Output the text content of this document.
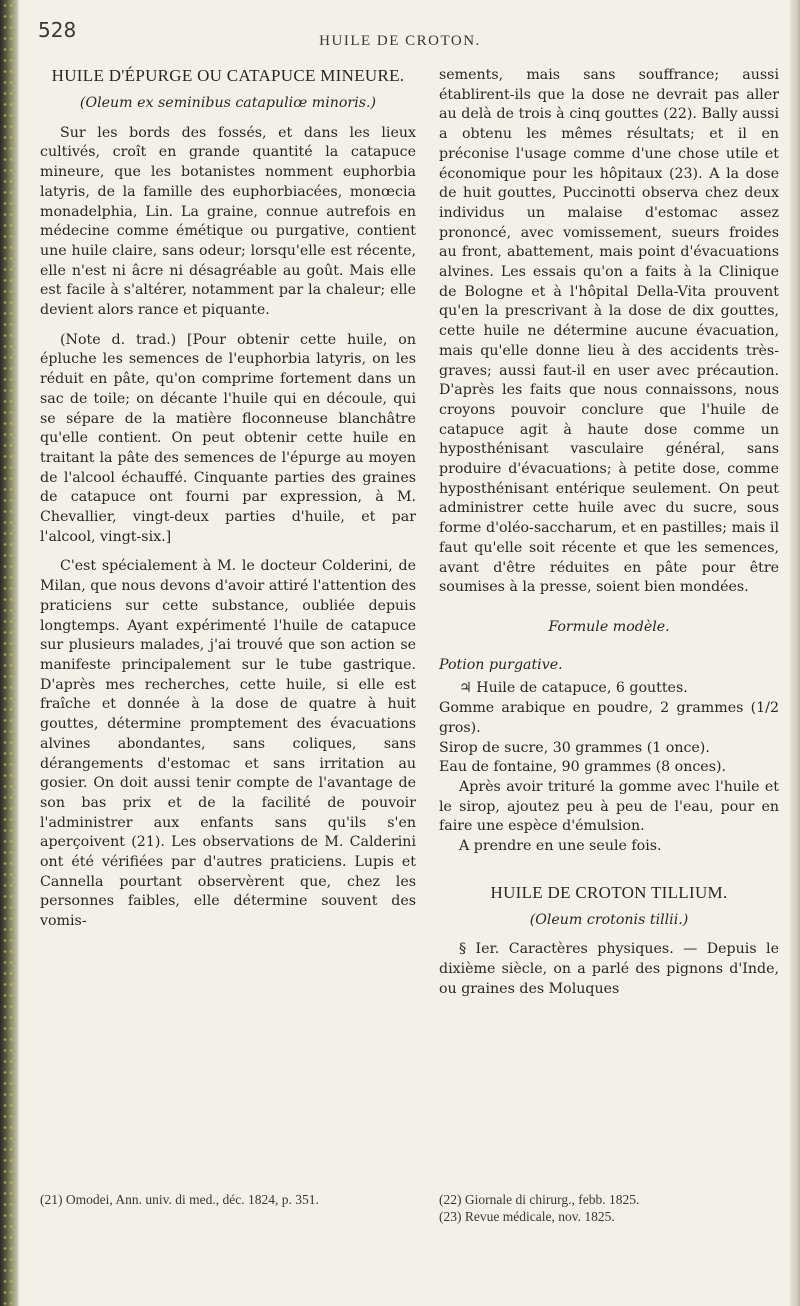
528	HUILE DE CROTON.
HUILE D'ÉPURGE OU CATAPUCE MINEURE.

(Oleum ex seminibus catapuliœ minoris.)

Sur les bords des fossés, et dans les lieux cultivés, croît en grande quantité la catapuce mineure, que les botanistes nomment euphorbia latyris, de la famille des euphorbiacées, monœcia monadelphia, Lin. La graine, connue autrefois en médecine comme émétique ou purgative, contient une huile claire, sans odeur; lorsqu'elle est récente, elle n'est ni âcre ni désagréable au goût. Mais elle est facile à s'altérer, notamment par la chaleur; elle devient alors rance et piquante.

(Note d. trad.) [Pour obtenir cette huile, on épluche les semences de l'euphorbia latyris, on les réduit en pâte, qu'on comprime fortement dans un sac de toile; on décante l'huile qui en découle, qui se sépare de la matière floconneuse blanchâtre qu'elle contient. On peut obtenir cette huile en traitant la pâte des semences de l'épurge au moyen de l'alcool échauffé. Cinquante parties des graines de catapuce ont fourni par expression, à M. Chevallier, vingt-deux parties d'huile, et par l'alcool, vingt-six.]

C'est spécialement à M. le docteur Colderini, de Milan, que nous devons d'avoir attiré l'attention des praticiens sur cette substance, oubliée depuis longtemps. Ayant expérimenté l'huile de catapuce sur plusieurs malades, j'ai trouvé que son action se manifeste principalement sur le tube gastrique. D'après mes recherches, cette huile, si elle est fraîche et donnée à la dose de quatre à huit gouttes, détermine promptement des évacuations alvines abondantes, sans coliques, sans dérangements d'estomac et sans irritation au gosier. On doit aussi tenir compte de l'avantage de son bas prix et de la facilité de pouvoir l'administrer aux enfants sans qu'ils s'en aperçoivent (21). Les observations de M. Calderini ont été vérifiées par d'autres praticiens. Lupis et Cannella pourtant observèrent que, chez les personnes faibles, elle détermine souvent des vomis-

sements, mais sans souffrance; aussi établirent-ils que la dose ne devrait pas aller au delà de trois à cinq gouttes (22). Bally aussi a obtenu les mêmes résultats; et il en préconise l'usage comme d'une chose utile et économique pour les hôpitaux (23). A la dose de huit gouttes, Puccinotti observa chez deux individus un malaise d'estomac assez prononcé, avec vomissement, sueurs froides au front, abattement, mais point d'évacuations alvines. Les essais qu'on a faits à la Clinique de Bologne et à l'hôpital Della-Vita prouvent qu'en la prescrivant à la dose de dix gouttes, cette huile ne détermine aucune évacuation, mais qu'elle donne lieu à des accidents très-graves; aussi faut-il en user avec précaution. D'après les faits que nous connaissons, nous croyons pouvoir conclure que l'huile de catapuce agit à haute dose comme un hyposthénisant vasculaire général, sans produire d'évacuations; à petite dose, comme hyposthénisant entérique seulement. On peut administrer cette huile avec du sucre, sous forme d'oléo-saccharum, et en pastilles; mais il faut qu'elle soit récente et que les semences, avant d'être réduites en pâte pour être soumises à la presse, soient bien mondées.

Formule modèle.

Potion purgative.

♃ Huile de catapuce, 6 gouttes.

Gomme arabique en poudre, 2 grammes (1/2 gros).

Sirop de sucre, 30 grammes (1 once).

Eau de fontaine, 90 grammes (8 onces).

Après avoir trituré la gomme avec l'huile et le sirop, ajoutez peu à peu de l'eau, pour en faire une espèce d'émulsion.

A prendre en une seule fois.

HUILE DE CROTON TILLIUM.

(Oleum crotonis tillii.)

§ Ier. Caractères physiques. — Depuis le dixième siècle, on a parlé des pignons d'Inde, ou graines des Moluques

(21) Omodei, Ann. univ. di med., déc. 1824, p. 351.	(22) Giornale di chirurg., febb. 1825.
(23) Revue médicale, nov. 1825.
